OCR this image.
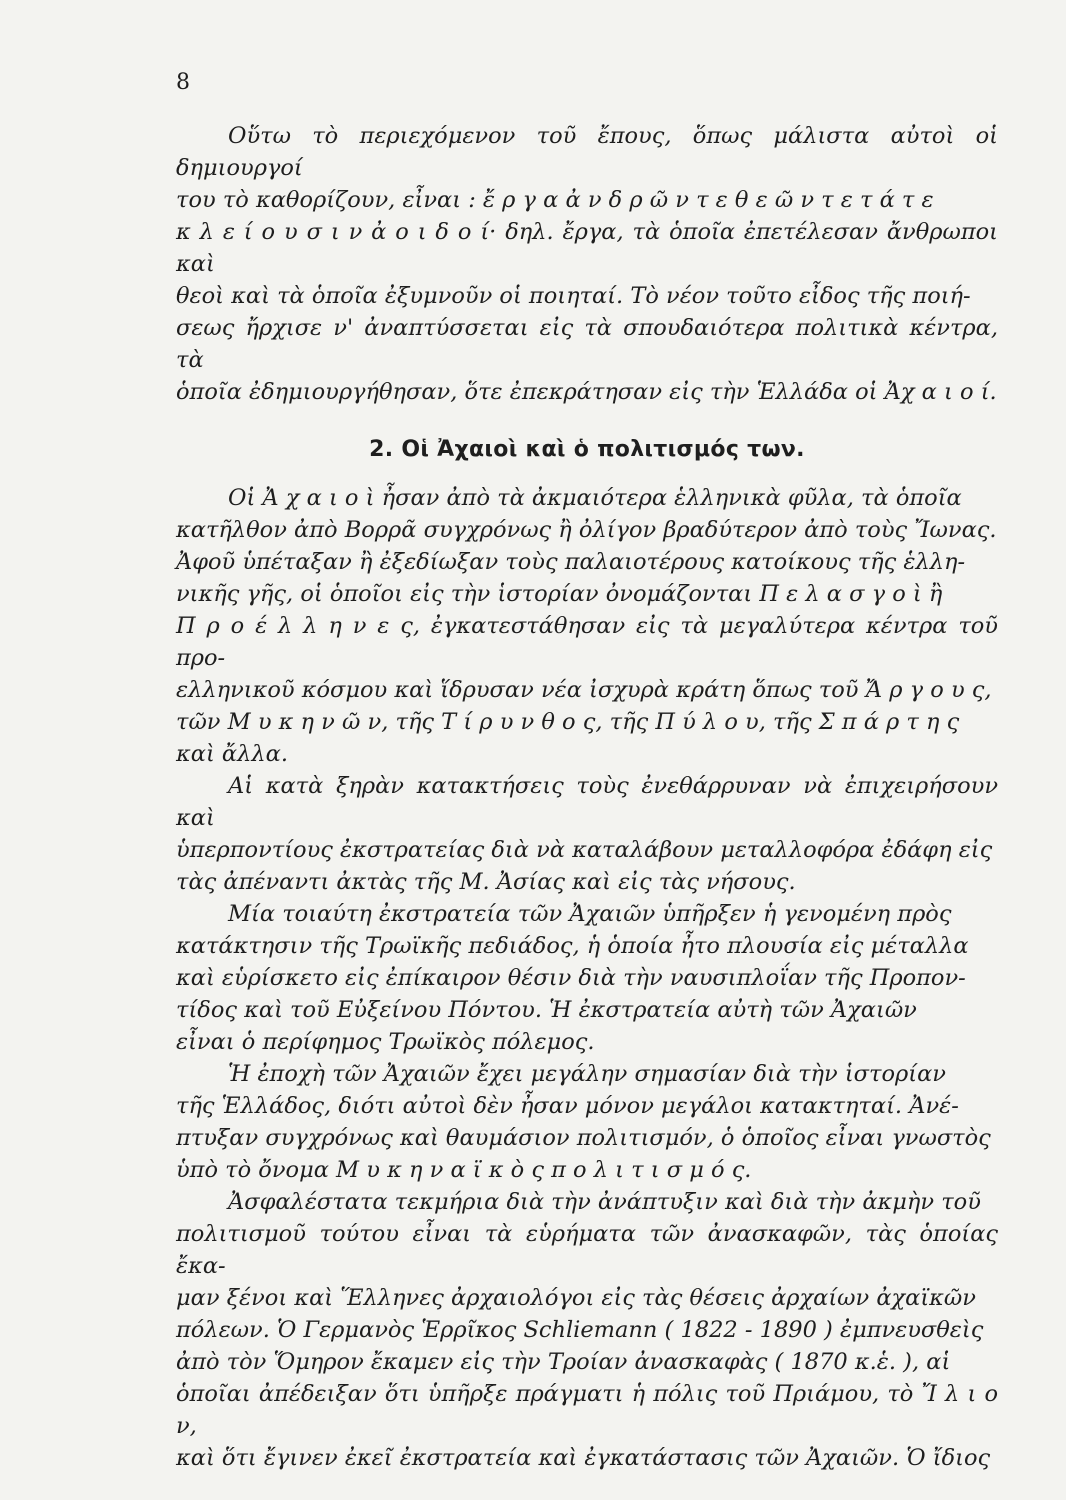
8

Οὕτω τὸ περιεχόμενον τοῦ ἔπους, ὅπως μάλιστα αὐτοὶ οἱ δημιουργοί
του τὸ καθορίζουν, εἶναι : ἔ ρ γ α ἀ ν δ ρ ῶ ν τ ε θ ε ῶ ν τ ε τ ά τ ε
κ λ ε ί ο υ σ ι ν ἀ ο ι δ ο ί· δηλ. ἔργα, τὰ ὁποῖα ἐπετέλεσαν ἄνθρωποι καὶ
θεοὶ καὶ τὰ ὁποῖα ἐξυμνοῦν οἱ ποιηταί. Τὸ νέον τοῦτο εἶδος τῆς ποιή-
σεως ἤρχισε ν' ἀναπτύσσεται εἰς τὰ σπουδαιότερα πολιτικὰ κέντρα, τὰ
ὁποῖα ἐδημιουργήθησαν, ὅτε ἐπεκράτησαν εἰς τὴν Ἑλλάδα οἱ Ἀχ α ι ο ί.

2. Οἱ Ἀχαιοὶ καὶ ὁ πολιτισμός των.

Οἱ Ἀ χ α ι ο ὶ ἦσαν ἀπὸ τὰ ἀκμαιότερα ἑλληνικὰ φῦλα, τὰ ὁποῖα
κατῆλθον ἀπὸ Βορρᾶ συγχρόνως ἢ ὀλίγον βραδύτερον ἀπὸ τοὺς Ἴωνας.
Ἀφοῦ ὑπέταξαν ἢ ἐξεδίωξαν τοὺς παλαιοτέρους κατοίκους τῆς ἑλλη-
νικῆς γῆς, οἱ ὁποῖοι εἰς τὴν ἱστορίαν ὀνομάζονται Π ε λ α σ γ ο ὶ ἢ
Π ρ ο έ λ λ η ν ε ς, ἐγκατεστάθησαν εἰς τὰ μεγαλύτερα κέντρα τοῦ προ-
ελληνικοῦ κόσμου καὶ ἵδρυσαν νέα ἰσχυρὰ κράτη ὅπως τοῦ Ἄ ρ γ ο υ ς,
τῶν Μ υ κ η ν ῶ ν, τῆς Τ ί ρ υ ν θ ο ς, τῆς Π ύ λ ο υ, τῆς Σ π ά ρ τ η ς
καὶ ἄλλα.

Αἱ κατὰ ξηρὰν κατακτήσεις τοὺς ἐνεθάρρυναν νὰ ἐπιχειρήσουν καὶ
ὑπερποντίους ἐκστρατείας διὰ νὰ καταλάβουν μεταλλοφόρα ἐδάφη εἰς
τὰς ἀπέναντι ἀκτὰς τῆς Μ. Ἀσίας καὶ εἰς τὰς νήσους.

Μία τοιαύτη ἐκστρατεία τῶν Ἀχαιῶν ὑπῆρξεν ἡ γενομένη πρὸς
κατάκτησιν τῆς Τρωϊκῆς πεδιάδος, ἡ ὁποία ἦτο πλουσία εἰς μέταλλα
καὶ εὑρίσκετο εἰς ἐπίκαιρον θέσιν διὰ τὴν ναυσιπλοΐαν τῆς Προπον-
τίδος καὶ τοῦ Εὐξείνου Πόντου. Ἡ ἐκστρατεία αὐτὴ τῶν Ἀχαιῶν
εἶναι ὁ περίφημος Τρωϊκὸς πόλεμος.

Ἡ ἐποχὴ τῶν Ἀχαιῶν ἔχει μεγάλην σημασίαν διὰ τὴν ἱστορίαν
τῆς Ἑλλάδος, διότι αὐτοὶ δὲν ἦσαν μόνον μεγάλοι κατακτηταί. Ἀνέ-
πτυξαν συγχρόνως καὶ θαυμάσιον πολιτισμόν, ὁ ὁποῖος εἶναι γνωστὸς
ὑπὸ τὸ ὄνομα Μ υ κ η ν α ϊ κ ὸ ς π ο λ ι τ ι σ μ ό ς.

Ἀσφαλέστατα τεκμήρια διὰ τὴν ἀνάπτυξιν καὶ διὰ τὴν ἀκμὴν τοῦ
πολιτισμοῦ τούτου εἶναι τὰ εὑρήματα τῶν ἀνασκαφῶν, τὰς ὁποίας ἔκα-
μαν ξένοι καὶ Ἕλληνες ἀρχαιολόγοι εἰς τὰς θέσεις ἀρχαίων ἀχαϊκῶν
πόλεων. Ὁ Γερμανὸς Ἑρρῖκος Schliemann ( 1822 - 1890 ) ἐμπνευσθεὶς
ἀπὸ τὸν Ὅμηρον ἔκαμεν εἰς τὴν Τροίαν ἀνασκαφὰς ( 1870 κ.ἑ. ), αἱ
ὁποῖαι ἀπέδειξαν ὅτι ὑπῆρξε πράγματι ἡ πόλις τοῦ Πριάμου, τὸ Ἴ λ ι ο ν,
καὶ ὅτι ἔγινεν ἐκεῖ ἐκστρατεία καὶ ἐγκατάστασις τῶν Ἀχαιῶν. Ὁ ἴδιος
